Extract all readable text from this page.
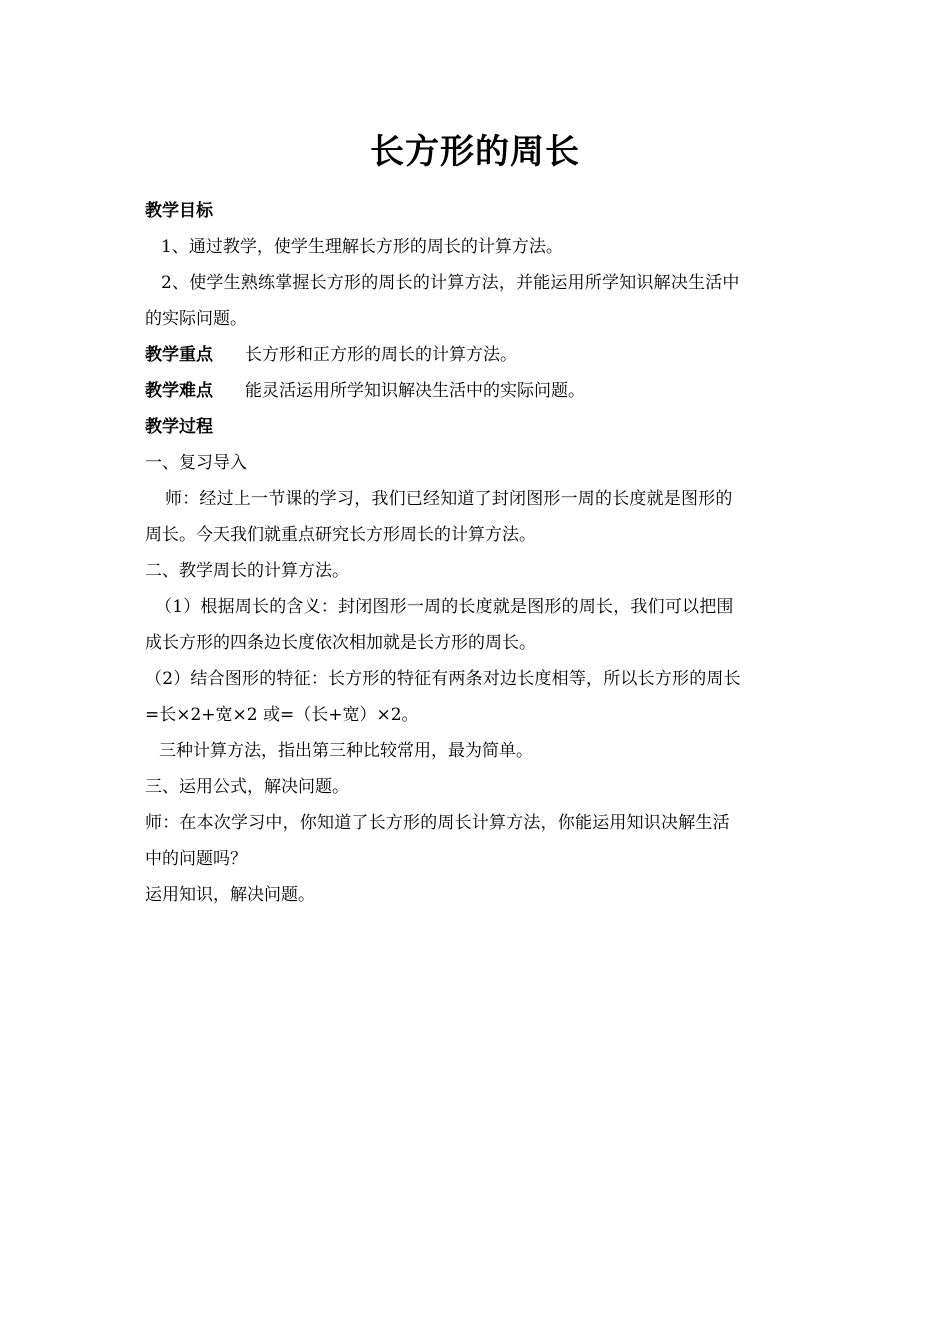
长方形的周长
教学目标
1、通过教学，使学生理解长方形的周长的计算方法。
2、使学生熟练掌握长方形的周长的计算方法，并能运用所学知识解决生活中
的实际问题。
教学重点 长方形和正方形的周长的计算方法。
教学难点 能灵活运用所学知识解决生活中的实际问题。
教学过程
一、复习导入
师：经过上一节课的学习，我们已经知道了封闭图形一周的长度就是图形的
周长。今天我们就重点研究长方形周长的计算方法。
二、教学周长的计算方法。
（1）根据周长的含义：封闭图形一周的长度就是图形的周长，我们可以把围
成长方形的四条边长度依次相加就是长方形的周长。
（2）结合图形的特征：长方形的特征有两条对边长度相等，所以长方形的周长
=长×2+宽×2 或=（长+宽）×2。
三种计算方法，指出第三种比较常用，最为简单。
三、运用公式，解决问题。
师：在本次学习中，你知道了长方形的周长计算方法，你能运用知识决解生活
中的问题吗？
运用知识，解决问题。
